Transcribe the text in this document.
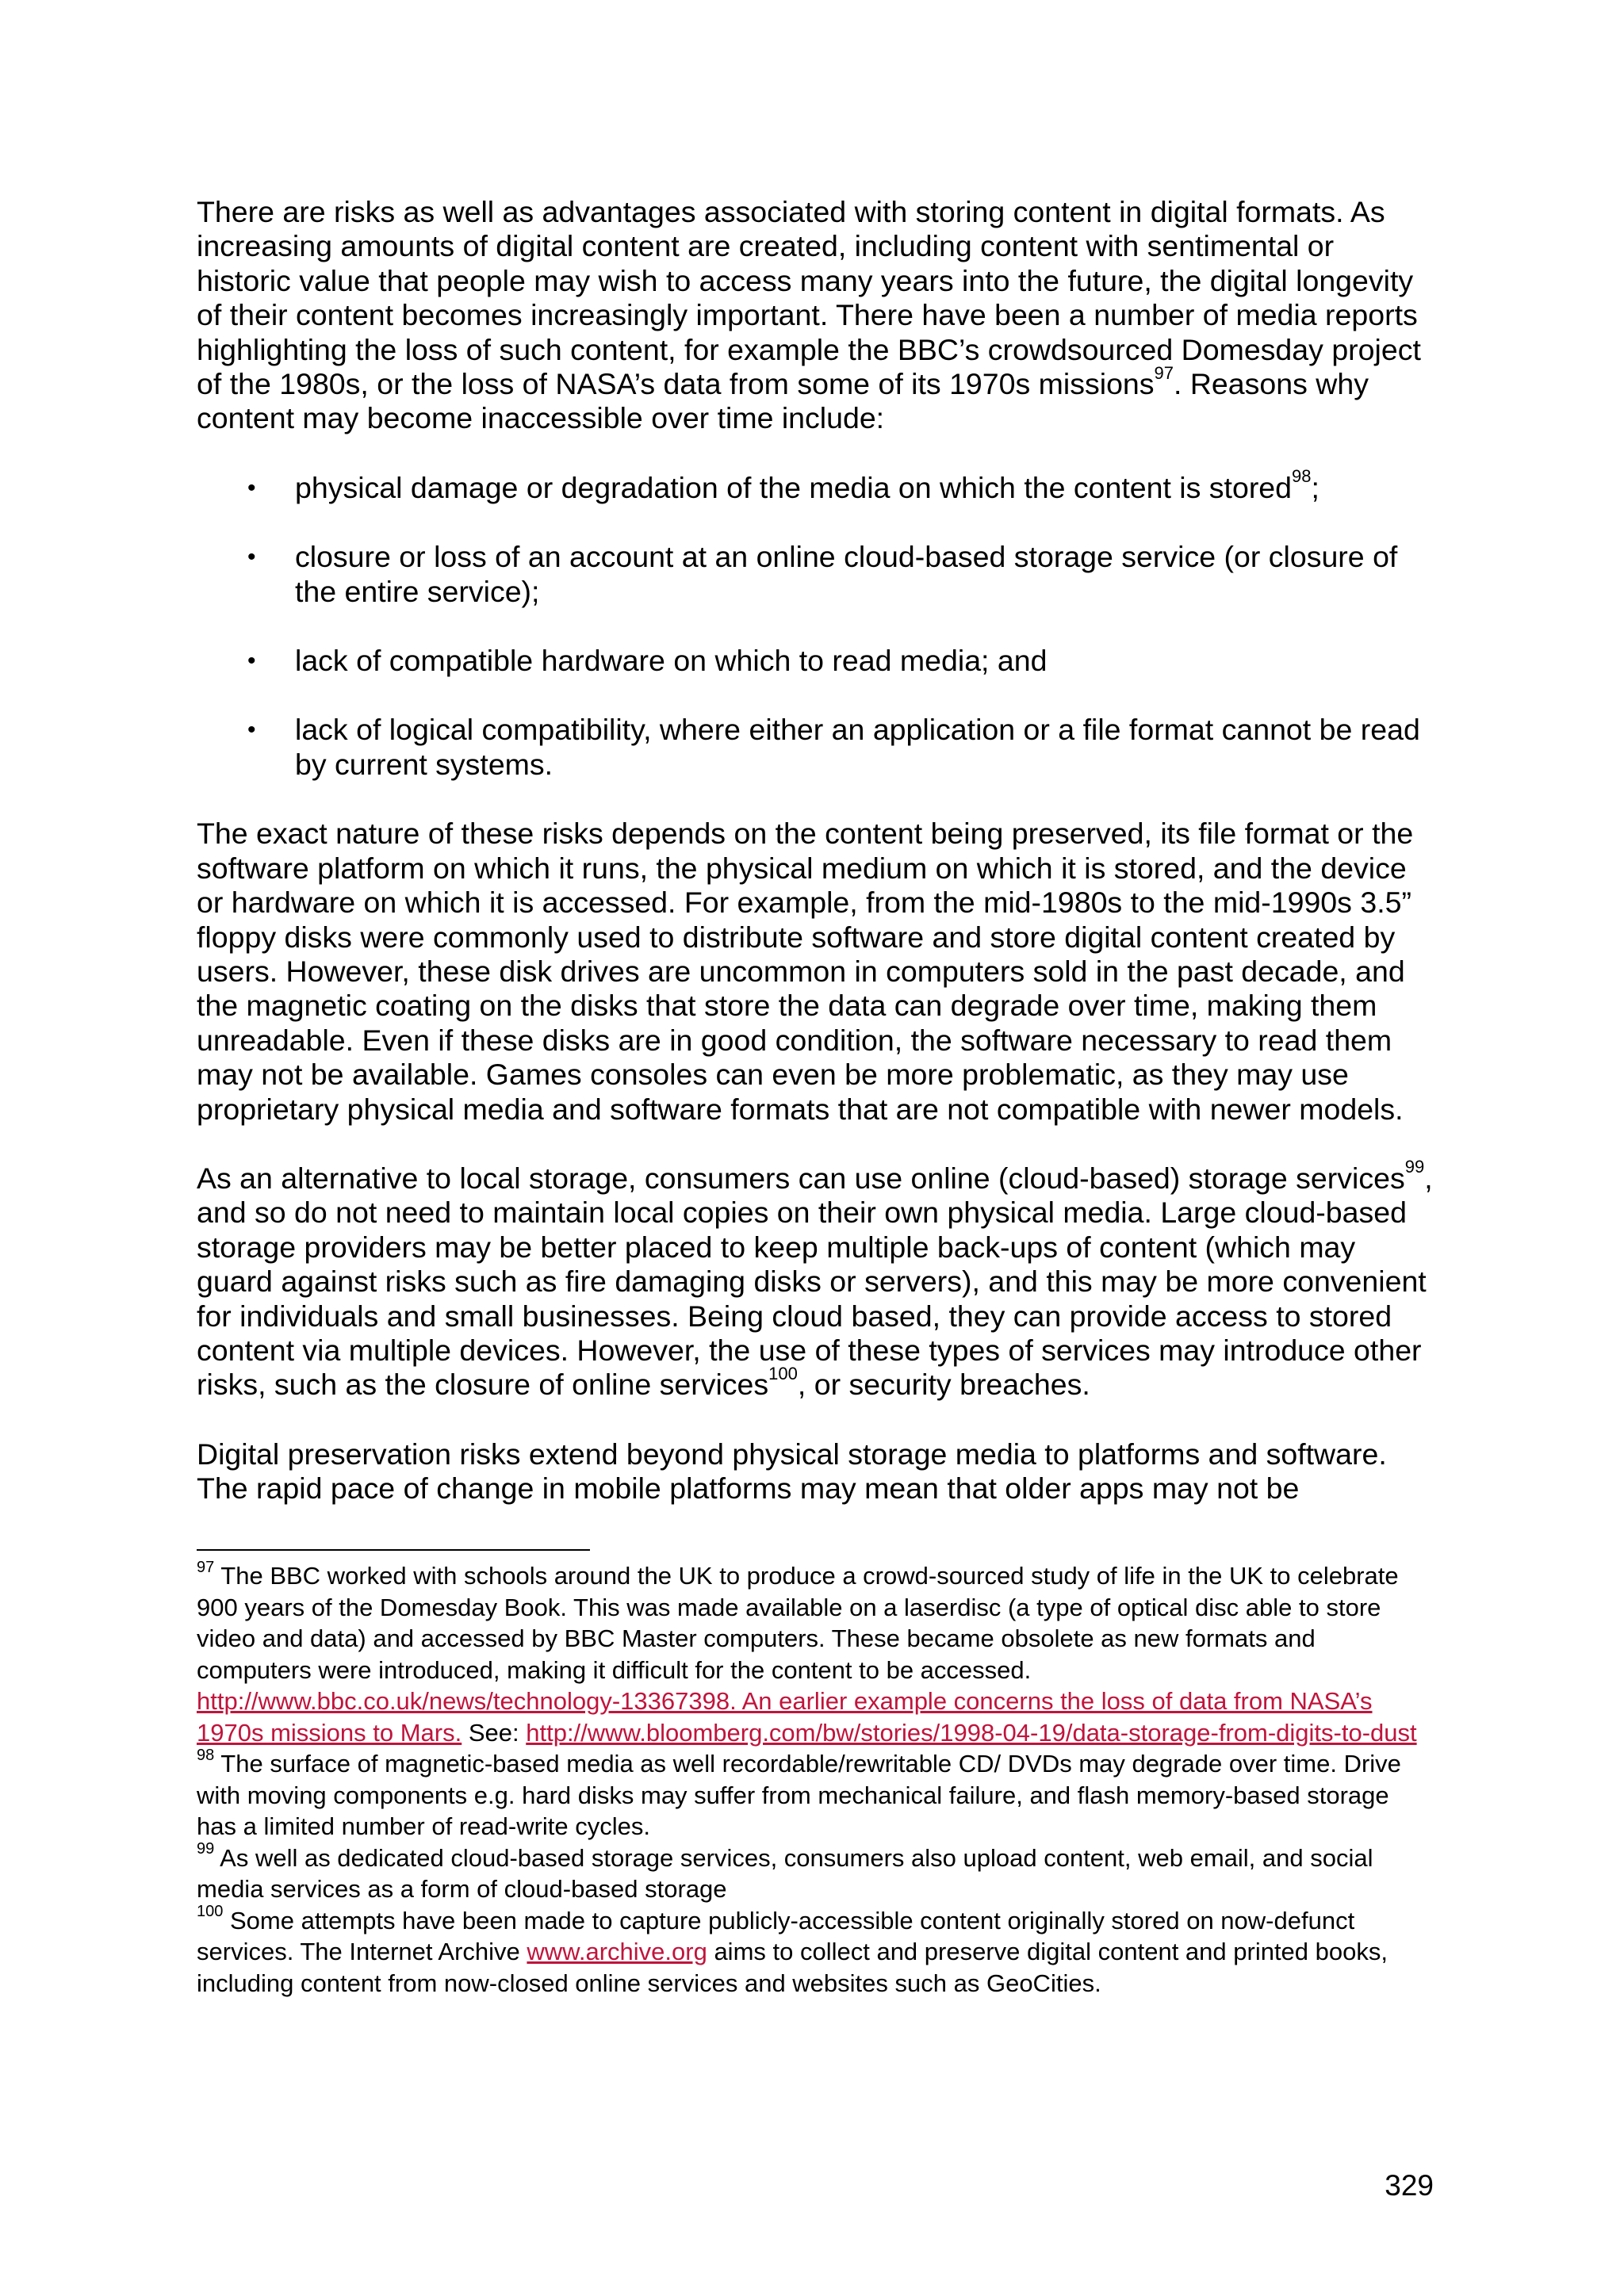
There are risks as well as advantages associated with storing content in digital formats. As increasing amounts of digital content are created, including content with sentimental or historic value that people may wish to access many years into the future, the digital longevity of their content becomes increasingly important. There have been a number of media reports highlighting the loss of such content, for example the BBC’s crowdsourced Domesday project of the 1980s, or the loss of NASA’s data from some of its 1970s missions$^{97}$. Reasons why content may become inaccessible over time include:

• physical damage or degradation of the media on which the content is stored$^{98}$;
• closure or loss of an account at an online cloud-based storage service (or closure of the entire service);
• lack of compatible hardware on which to read media; and
• lack of logical compatibility, where either an application or a file format cannot be read by current systems.

The exact nature of these risks depends on the content being preserved, its file format or the software platform on which it runs, the physical medium on which it is stored, and the device or hardware on which it is accessed. For example, from the mid-1980s to the mid-1990s 3.5” floppy disks were commonly used to distribute software and store digital content created by users. However, these disk drives are uncommon in computers sold in the past decade, and the magnetic coating on the disks that store the data can degrade over time, making them unreadable. Even if these disks are in good condition, the software necessary to read them may not be available. Games consoles can even be more problematic, as they may use proprietary physical media and software formats that are not compatible with newer models.

As an alternative to local storage, consumers can use online (cloud-based) storage services$^{99}$, and so do not need to maintain local copies on their own physical media. Large cloud-based storage providers may be better placed to keep multiple back-ups of content (which may guard against risks such as fire damaging disks or servers), and this may be more convenient for individuals and small businesses. Being cloud based, they can provide access to stored content via multiple devices. However, the use of these types of services may introduce other risks, such as the closure of online services$^{100}$, or security breaches.

Digital preservation risks extend beyond physical storage media to platforms and software. The rapid pace of change in mobile platforms may mean that older apps may not be

$^{97}$ The BBC worked with schools around the UK to produce a crowd-sourced study of life in the UK to celebrate 900 years of the Domesday Book. This was made available on a laserdisc (a type of optical disc able to store video and data) and accessed by BBC Master computers. These became obsolete as new formats and computers were introduced, making it difficult for the content to be accessed. http://www.bbc.co.uk/news/technology-13367398. An earlier example concerns the loss of data from NASA’s 1970s missions to Mars. See: http://www.bloomberg.com/bw/stories/1998-04-19/data-storage-from-digits-to-dust

$^{98}$ The surface of magnetic-based media as well recordable/rewritable CD/ DVDs may degrade over time. Drive with moving components e.g. hard disks may suffer from mechanical failure, and flash memory-based storage has a limited number of read-write cycles.

$^{99}$ As well as dedicated cloud-based storage services, consumers also upload content, web email, and social media services as a form of cloud-based storage

$^{100}$ Some attempts have been made to capture publicly-accessible content originally stored on now-defunct services. The Internet Archive www.archive.org aims to collect and preserve digital content and printed books, including content from now-closed online services and websites such as GeoCities.

329
